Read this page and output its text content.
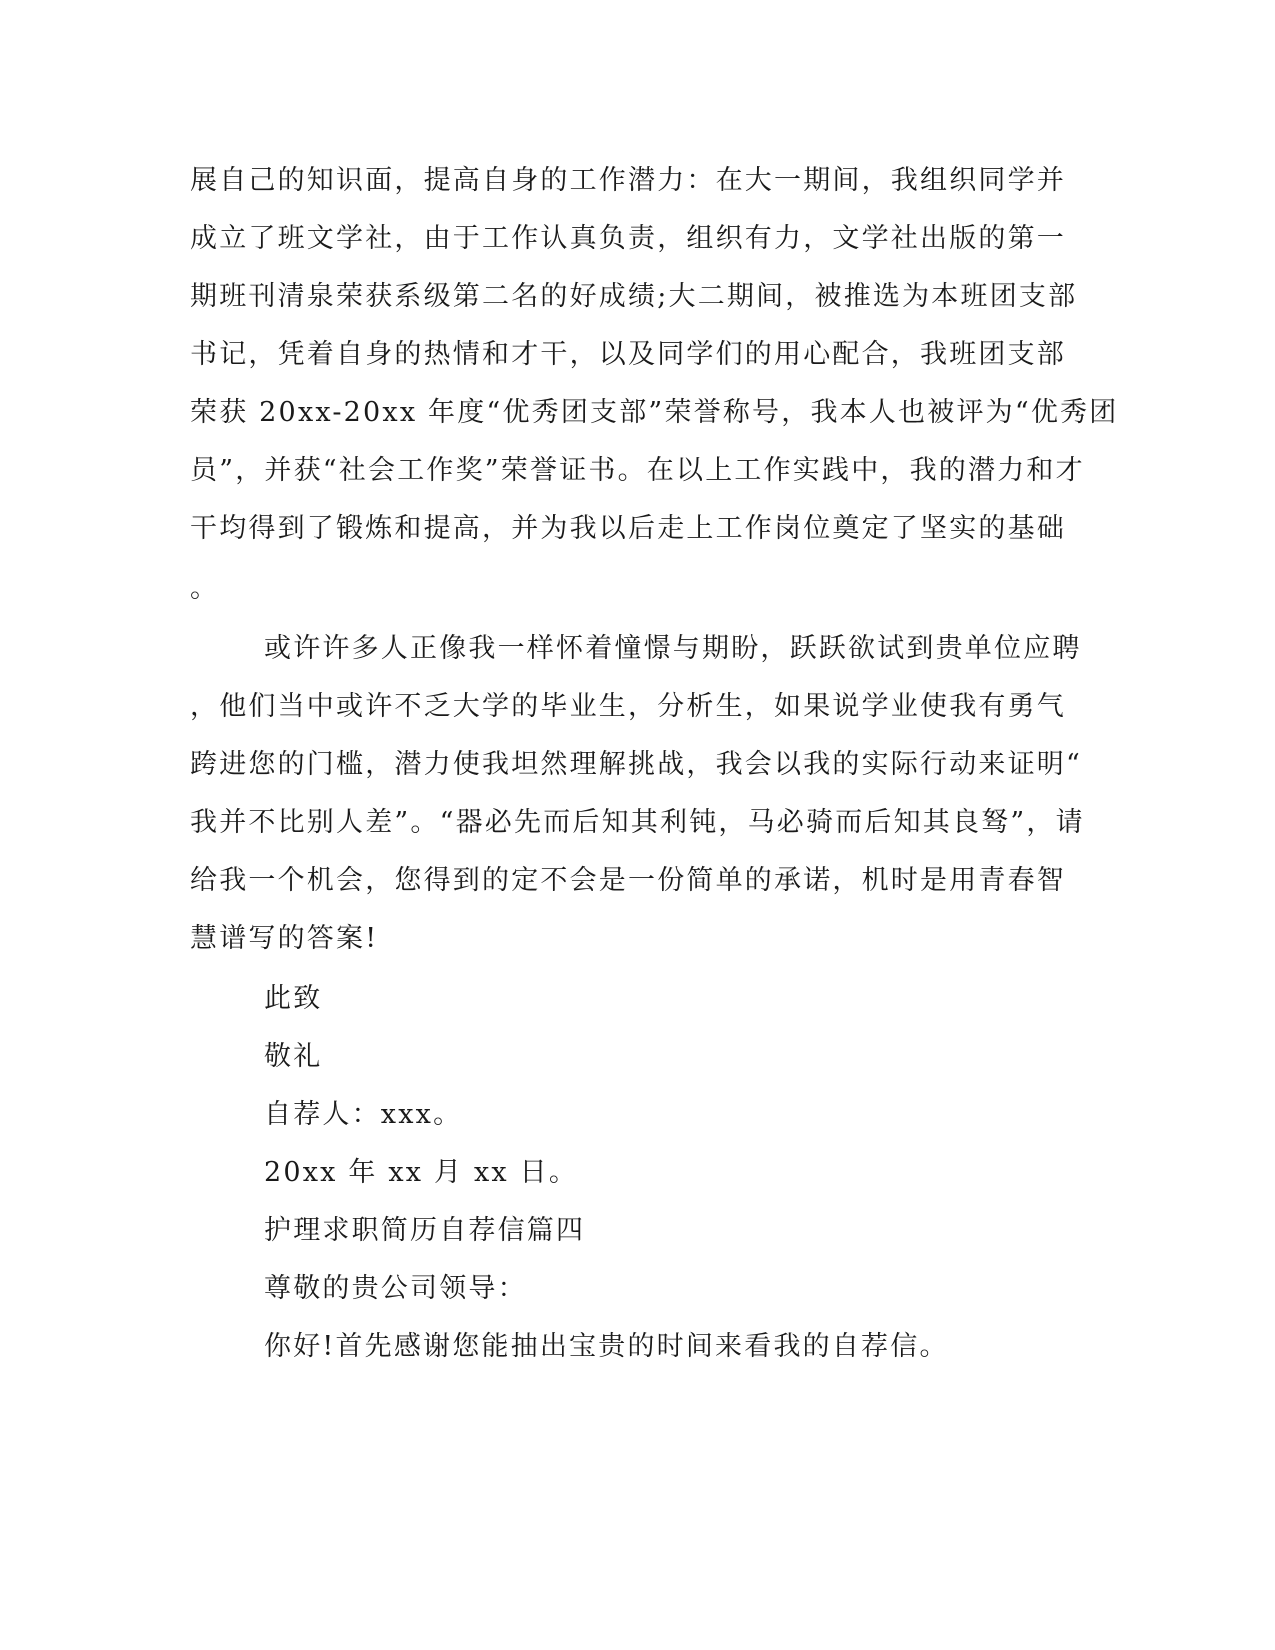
展自己的知识面，提高自身的工作潜力：在大一期间，我组织同学并

成立了班文学社，由于工作认真负责，组织有力，文学社出版的第一

期班刊清泉荣获系级第二名的好成绩;大二期间，被推选为本班团支部

书记，凭着自身的热情和才干，以及同学们的用心配合，我班团支部

荣获 20xx-20xx 年度“优秀团支部”荣誉称号，我本人也被评为“优秀团

员”，并获“社会工作奖”荣誉证书。在以上工作实践中，我的潜力和才

干均得到了锻炼和提高，并为我以后走上工作岗位奠定了坚实的基础

。

或许许多人正像我一样怀着憧憬与期盼，跃跃欲试到贵单位应聘

，他们当中或许不乏大学的毕业生，分析生，如果说学业使我有勇气

跨进您的门槛，潜力使我坦然理解挑战，我会以我的实际行动来证明“

我并不比别人差”。“器必先而后知其利钝，马必骑而后知其良驽”，请

给我一个机会，您得到的定不会是一份简单的承诺，机时是用青春智

慧谱写的答案!

此致

敬礼

自荐人：xxx。

20xx 年 xx 月 xx 日。

护理求职简历自荐信篇四

尊敬的贵公司领导：

你好!首先感谢您能抽出宝贵的时间来看我的自荐信。
